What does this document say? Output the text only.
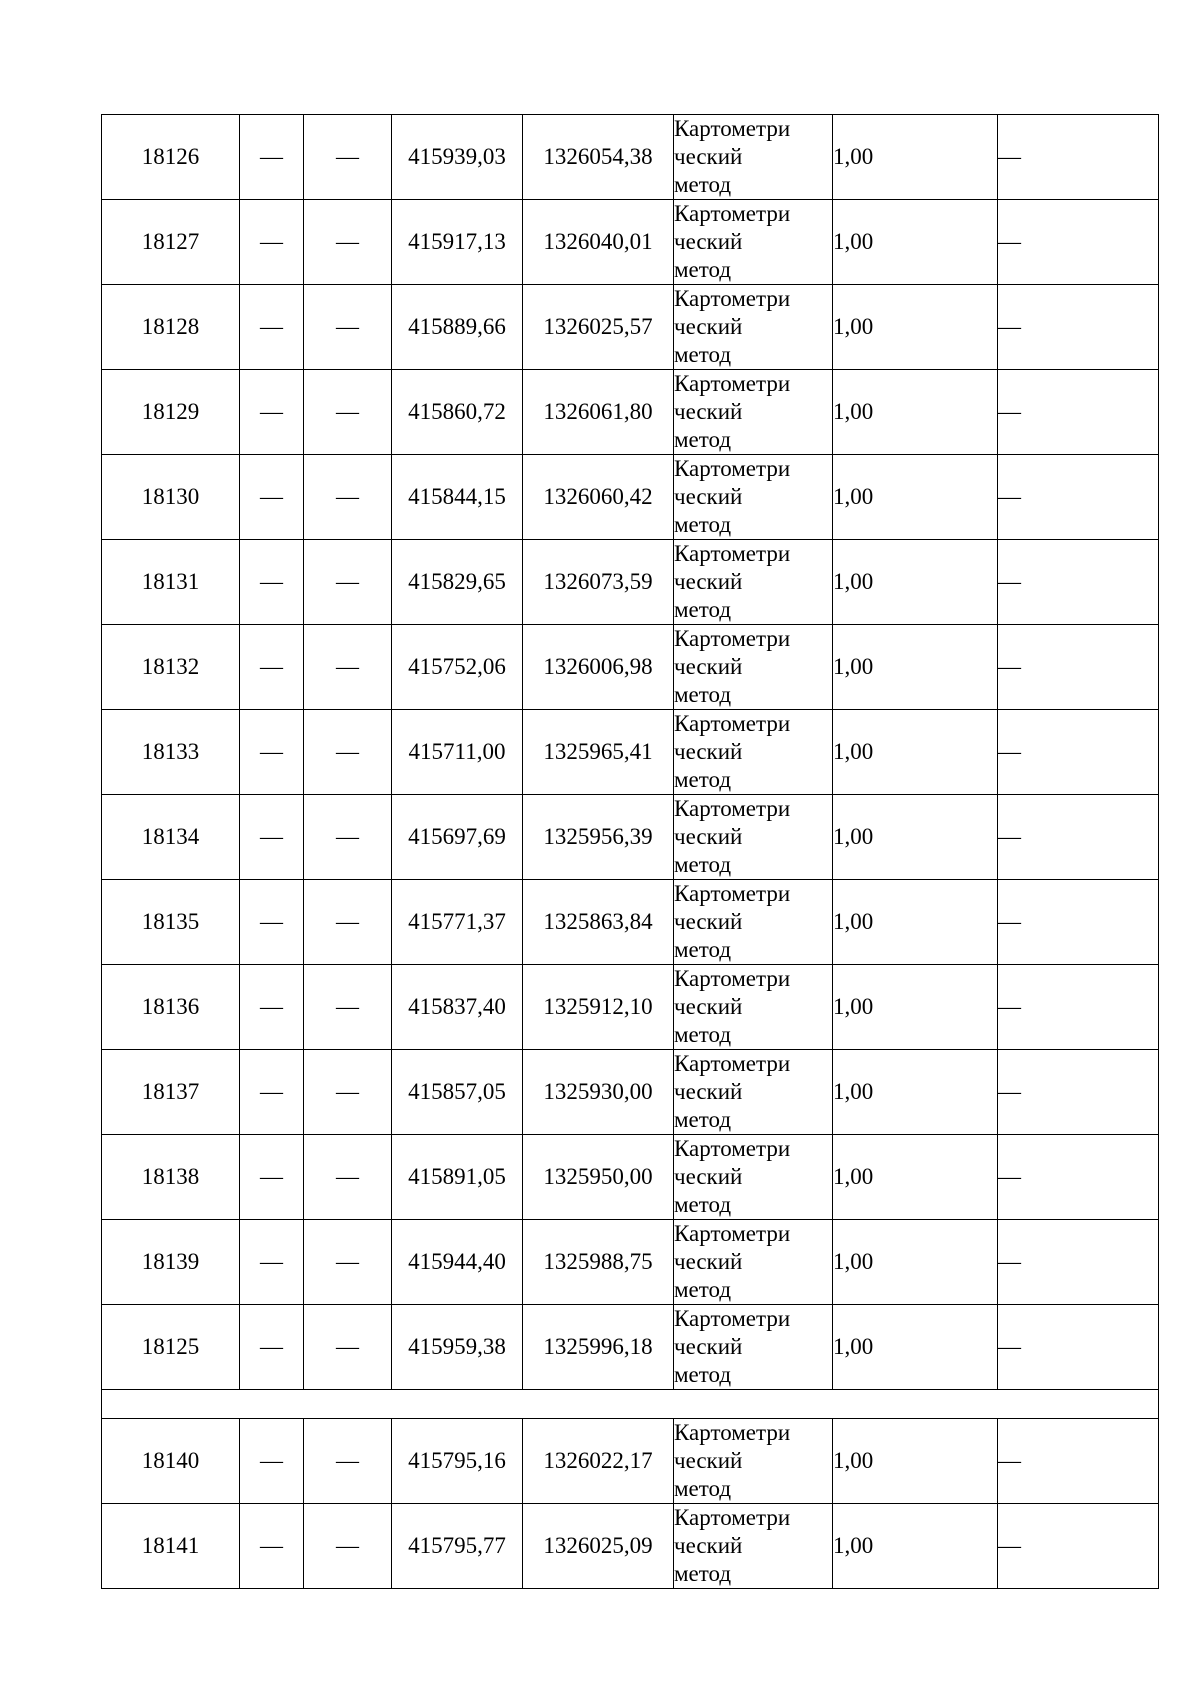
18126	—	—	415939,03	1326054,38	Картометри
ческий
метод	1,00	—
18127	—	—	415917,13	1326040,01	Картометри
ческий
метод	1,00	—
18128	—	—	415889,66	1326025,57	Картометри
ческий
метод	1,00	—
18129	—	—	415860,72	1326061,80	Картометри
ческий
метод	1,00	—
18130	—	—	415844,15	1326060,42	Картометри
ческий
метод	1,00	—
18131	—	—	415829,65	1326073,59	Картометри
ческий
метод	1,00	—
18132	—	—	415752,06	1326006,98	Картометри
ческий
метод	1,00	—
18133	—	—	415711,00	1325965,41	Картометри
ческий
метод	1,00	—
18134	—	—	415697,69	1325956,39	Картометри
ческий
метод	1,00	—
18135	—	—	415771,37	1325863,84	Картометри
ческий
метод	1,00	—
18136	—	—	415837,40	1325912,10	Картометри
ческий
метод	1,00	—
18137	—	—	415857,05	1325930,00	Картометри
ческий
метод	1,00	—
18138	—	—	415891,05	1325950,00	Картометри
ческий
метод	1,00	—
18139	—	—	415944,40	1325988,75	Картометри
ческий
метод	1,00	—
18125	—	—	415959,38	1325996,18	Картометри
ческий
метод	1,00	—

18140	—	—	415795,16	1326022,17	Картометри
ческий
метод	1,00	—
18141	—	—	415795,77	1326025,09	Картометри
ческий
метод	1,00	—
